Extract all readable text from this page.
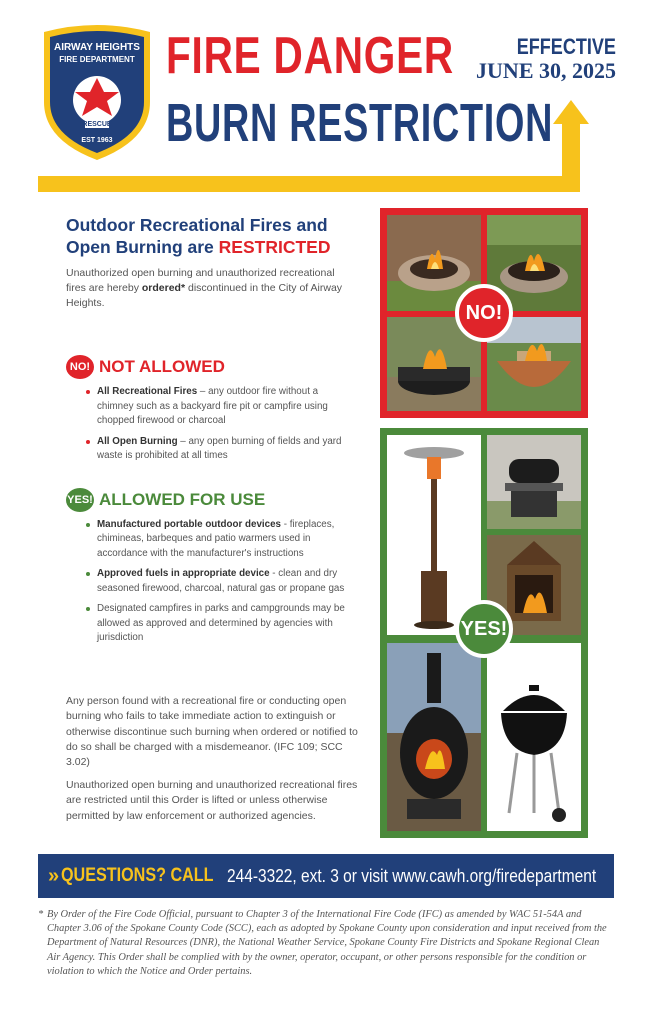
AIRWAY HEIGHTS
FIRE DEPARTMENT
RESCUE
EST 1963
FIRE DANGER
BURN RESTRICTION
EFFECTIVE
JUNE 30, 2025
Outdoor Recreational Fires and
Open Burning are RESTRICTED

Unauthorized open burning and unauthorized recreational fires are hereby ordered* discontinued in the City of Airway Heights.

NO! NOT ALLOWED
All Recreational Fires – any outdoor fire without a chimney such as a backyard fire pit or campfire using chopped firewood or charcoal
All Open Burning – any open burning of fields and yard waste is prohibited at all times
YES! ALLOWED FOR USE
Manufactured portable outdoor devices - fireplaces, chimineas, barbeques and patio warmers used in accordance with the manufacturer's instructions
Approved fuels in appropriate device - clean and dry seasoned firewood, charcoal, natural gas or propane gas
Designated campfires in parks and campgrounds may be allowed as approved and determined by agencies with jurisdiction

Any person found with a recreational fire or conducting open burning who fails to take immediate action to extinguish or otherwise discontinue such burning when ordered or notified to do so shall be charged with a misdemeanor. (IFC 109; SCC 3.02)

Unauthorized open burning and unauthorized recreational fires are restricted until this Order is lifted or unless otherwise permitted by law enforcement or authorized agencies.

NO!
YES!
» QUESTIONS? CALL 244-3322, ext. 3 or visit www.cawh.org/firedepartment
* By Order of the Fire Code Official, pursuant to Chapter 3 of the International Fire Code (IFC) as amended by WAC 51-54A and Chapter 3.06 of the Spokane County Code (SCC), each as adopted by Spokane County upon consideration and input received from the Department of Natural Resources (DNR), the National Weather Service, Spokane County Fire Districts and Spokane Regional Clean Air Agency. This Order shall be complied with by the owner, operator, occupant, or other persons responsible for the condition or violation to which the Notice and Order pertains.
